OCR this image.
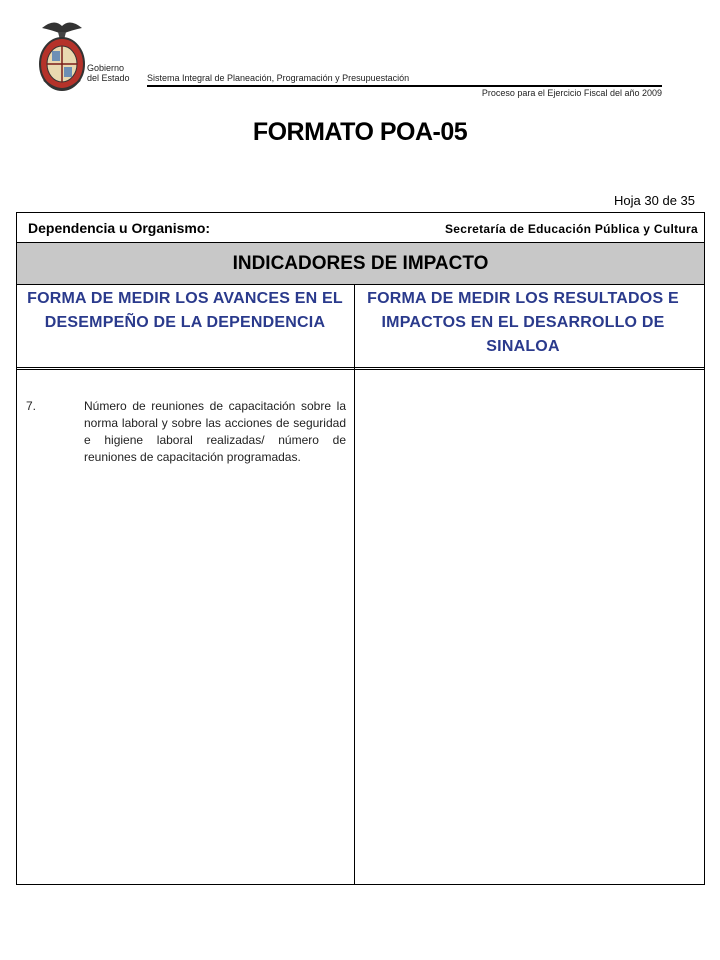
Gobierno
del Estado Sistema Integral de Planeación, Programación y Presupuestación
Proceso para el Ejercicio Fiscal del año 2009
FORMATO POA-05
Hoja 30 de 35
Dependencia u Organismo:	Secretaría de Educación Pública y Cultura
INDICADORES DE IMPACTO
FORMA DE MEDIR LOS AVANCES EN EL DESEMPEÑO DE LA DEPENDENCIA
FORMA DE MEDIR LOS RESULTADOS E IMPACTOS EN EL DESARROLLO DE SINALOA
7.	Número de reuniones de capacitación sobre la norma laboral y sobre las acciones de seguridad e higiene laboral realizadas/ número de reuniones de capacitación programadas.
